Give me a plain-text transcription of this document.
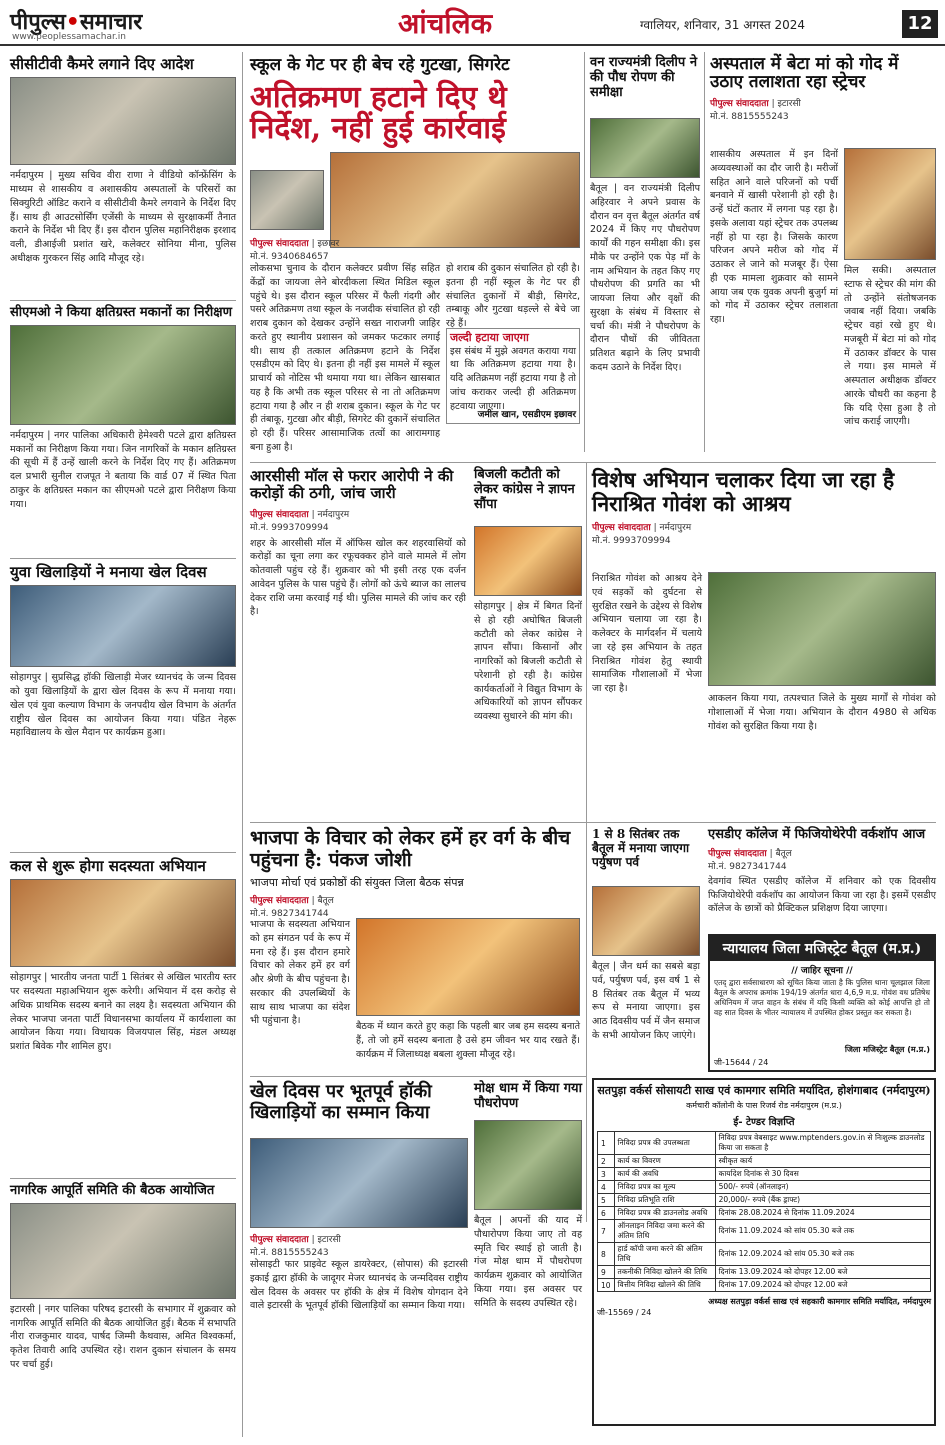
पीपुल्स•समाचार
www.peoplessamachar.in	आंचलिक	ग्वालियर, शनिवार, 31 अगस्त 2024	12
सीसीटीवी कैमरे लगाने दिए आदेश
नर्मदापुरम | मुख्य सचिव वीरा राणा ने वीडियो कॉन्फ्रेंसिंग के माध्यम से शासकीय व अशासकीय अस्पतालों के परिसरों का सिक्युरिटी ऑडिट कराने व सीसीटीवी कैमरे लगवाने के निर्देश दिए हैं। साथ ही आउटसोर्सिंग एजेंसी के माध्यम से सुरक्षाकर्मी तैनात कराने के निर्देश भी दिए हैं। इस दौरान पुलिस महानिरीक्षक इरशाद वली, डीआईजी प्रशांत खरे, कलेक्टर सोनिया मीना, पुलिस अधीक्षक गुरकरन सिंह आदि मौजूद रहे।
सीएमओ ने किया क्षतिग्रस्त मकानों का निरीक्षण
नर्मदापुरम | नगर पालिका अधिकारी हेमेश्वरी पटले द्वारा क्षतिग्रस्त मकानों का निरीक्षण किया गया। जिन नागरिकों के मकान क्षतिग्रस्त की सूची में हैं उन्हें खाली करने के निर्देश दिए गए हैं। अतिक्रमण दल प्रभारी सुनील राजपूत ने बताया कि वार्ड 07 में स्थित पिता ठाकुर के क्षतिग्रस्त मकान का सीएमओ पटले द्वारा निरीक्षण किया गया।
युवा खिलाड़ियों ने मनाया खेल दिवस
सोहागपुर | सुप्रसिद्ध हॉकी खिलाड़ी मेजर ध्यानचंद के जन्म दिवस को युवा खिलाड़ियों के द्वारा खेल दिवस के रूप में मनाया गया। खेल एवं युवा कल्याण विभाग के जनपदीय खेल विभाग के अंतर्गत राष्ट्रीय खेल दिवस का आयोजन किया गया। पंडित नेहरू महाविद्यालय के खेल मैदान पर कार्यक्रम हुआ।
कल से शुरू होगा सदस्यता अभियान
सोहागपुर | भारतीय जनता पार्टी 1 सितंबर से अखिल भारतीय स्तर पर सदस्यता महाअभियान शुरू करेगी। अभियान में दस करोड़ से अधिक प्राथमिक सदस्य बनाने का लक्ष्य है। सदस्यता अभियान की लेकर भाजपा जनता पार्टी विधानसभा कार्यालय में कार्यशाला का आयोजन किया गया। विधायक विजयपाल सिंह, मंडल अध्यक्ष प्रशांत बिवेक गौर शामिल हुए।
नागरिक आपूर्ति समिति की बैठक आयोजित
इटारसी | नगर पालिका परिषद इटारसी के सभागार में शुक्रवार को नागरिक आपूर्ति समिति की बैठक आयोजित हुई। बैठक में सभापति नीरा राजकुमार यादव, पार्षद जिम्मी कैथवास, अमित विश्वकर्मा, कृतेश तिवारी आदि उपस्थित रहे। राशन दुकान संचालन के समय पर चर्चा हुई।
स्कूल के गेट पर ही बेच रहे गुटखा, सिगरेट
अतिक्रमण हटाने दिए थे निर्देश, नहीं हुई कार्रवाई
पीपुल्स संवाददाता | इछावर
मो.नं. 9340684657
लोकसभा चुनाव के दौरान कलेक्टर प्रवीण सिंह सहित केंद्रों का जायजा लेने बोरदीकला स्थित मिडिल स्कूल पहुंचे थे। इस दौरान स्कूल परिसर में फैली गंदगी और पसरे अतिक्रमण तथा स्कूल के नजदीक संचालित हो रही शराब दुकान को देखकर उन्होंने सख्त नाराजगी जाहिर करते हुए स्थानीय प्रशासन को जमकर फटकार लगाई थी। साथ ही तत्काल अतिक्रमण हटाने के निर्देश एसडीएम को दिए थे। इतना ही नहीं इस मामले में स्कूल प्राचार्य को नोटिस भी थमाया गया था। लेकिन खासबात यह है कि अभी तक स्कूल परिसर से ना तो अतिक्रमण हटाया गया है और न ही शराब दुकान। स्कूल के गेट पर ही तंबाकू, गुटखा और बीड़ी, सिगरेट की दुकानें संचालित हो रही हैं। परिसर आसामाजिक तत्वों का आरामगाह बना हुआ है।
हो शराब की दुकान संचालित हो रही है। इतना ही नहीं स्कूल के गेट पर ही संचालित दुकानों में बीड़ी, सिगरेट, तम्बाकू और गुटखा धड़ल्ले से बेचे जा रहे हैं।
जल्दी हटाया जाएगा
इस संबंध में मुझे अवगत कराया गया था कि अतिक्रमण हटाया गया है। यदि अतिक्रमण नहीं हटाया गया है तो जांच कराकर जल्दी ही अतिक्रमण हटवाया जाएगा।
जमील खान, एसडीएम इछावर
वन राज्यमंत्री दिलीप ने की पौध रोपण की समीक्षा
बैतूल | वन राज्यमंत्री दिलीप अहिरवार ने अपने प्रवास के दौरान वन वृत्त बैतूल अंतर्गत वर्ष 2024 में किए गए पौधरोपण कार्यों की गहन समीक्षा की। इस मौके पर उन्होंने एक पेड़ माँ के नाम अभियान के तहत किए गए पौधरोपण की प्रगति का भी जायजा लिया और वृक्षों की सुरक्षा के संबंध में विस्तार से चर्चा की। मंत्री ने पौधरोपण के दौरान पौधों की जीवितता प्रतिशत बढ़ाने के लिए प्रभावी कदम उठाने के निर्देश दिए।
अस्पताल में बेटा मां को गोद में उठाए तलाशता रहा स्ट्रेचर
पीपुल्स संवाददाता | इटारसी
मो.नं. 8815555243
शासकीय अस्पताल में इन दिनों अव्यवस्थाओं का दौर जारी है। मरीजों सहित आने वाले परिजनों को पर्ची बनवाने में खासी परेशानी हो रही है। उन्हें घंटों कतार में लगना पड़ रहा है। इसके अलावा यहां स्ट्रेचर तक उपलब्ध नहीं हो पा रहा है। जिसके कारण परिजन अपने मरीज को गोद में उठाकर ले जाने को मजबूर हैं। ऐसा ही एक मामला शुक्रवार को सामने आया जब एक युवक अपनी बुजुर्ग मां को गोद में उठाकर स्ट्रेचर तलाशता रहा।
मिल सकी। अस्पताल स्टाफ से स्ट्रेचर की मांग की तो उन्होंने संतोषजनक जवाब नहीं दिया। जबकि स्ट्रेचर वहां रखे हुए थे। मजबूरी में बेटा मां को गोद में उठाकर डॉक्टर के पास ले गया। इस मामले में अस्पताल अधीक्षक डॉक्टर आरके चौधरी का कहना है कि यदि ऐसा हुआ है तो जांच कराई जाएगी।
आरसीसी मॉल से फरार आरोपी ने की करोड़ों की ठगी, जांच जारी
पीपुल्स संवाददाता | नर्मदापुरम
मो.नं. 9993709994
शहर के आरसीसी मॉल में ऑफिस खोल कर शहरवासियों को करोड़ों का चूना लगा कर रफूचक्कर होने वाले मामले में लोग कोतवाली पहुंच रहे हैं। शुक्रवार को भी इसी तरह एक दर्जन आवेदन पुलिस के पास पहुंचे हैं। लोगों को ऊंचे ब्याज का लालच देकर राशि जमा करवाई गई थी। पुलिस मामले की जांच कर रही है।
बिजली कटौती को लेकर कांग्रेस ने ज्ञापन सौंपा
सोहागपुर | क्षेत्र में बिगत दिनों से हो रही अघोषित बिजली कटौती को लेकर कांग्रेस ने ज्ञापन सौंपा। किसानों और नागरिकों को बिजली कटौती से परेशानी हो रही है। कांग्रेस कार्यकर्ताओं ने विद्युत विभाग के अधिकारियों को ज्ञापन सौंपकर व्यवस्था सुधारने की मांग की।
विशेष अभियान चलाकर दिया जा रहा है निराश्रित गोवंश को आश्रय
पीपुल्स संवाददाता | नर्मदापुरम
मो.नं. 9993709994
निराश्रित गोवंश को आश्रय देने एवं सड़कों को दुर्घटना से सुरक्षित रखने के उद्देश्य से विशेष अभियान चलाया जा रहा है। कलेक्टर के मार्गदर्शन में चलाये जा रहे इस अभियान के तहत निराश्रित गोवंश हेतु स्थायी सामाजिक गौशालाओं में भेजा जा रहा है।
आकलन किया गया, तत्पश्चात जिले के मुख्य मार्गों से गोवंश को गोशालाओं में भेजा गया। अभियान के दौरान 4980 से अधिक गोवंश को सुरक्षित किया गया है।
भाजपा के विचार को लेकर हमें हर वर्ग के बीच पहुंचना है: पंकज जोशी
भाजपा मोर्चा एवं प्रकोष्ठों की संयुक्त जिला बैठक संपन्न
पीपुल्स संवाददाता | बैतूल
मो.नं. 9827341744
भाजपा के सदस्यता अभियान को हम संगठन पर्व के रूप में मना रहे हैं। इस दौरान हमारे विचार को लेकर हमें हर वर्ग और श्रेणी के बीच पहुंचना है। सरकार की उपलब्धियों के साथ साथ भाजपा का संदेश भी पहुंचाना है।
बैठक में ध्यान करते हुए कहा कि पहली बार जब हम सदस्य बनाते हैं, तो जो हमें सदस्य बनाता है उसे हम जीवन भर याद रखते हैं। कार्यक्रम में जिलाध्यक्ष बबला शुक्ला मौजूद रहे।
1 से 8 सितंबर तक बैतूल में मनाया जाएगा पर्युषण पर्व
बैतूल | जैन धर्म का सबसे बड़ा पर्व, पर्युषण पर्व, इस वर्ष 1 से 8 सितंबर तक बैतूल में भव्य रूप से मनाया जाएगा। इस आठ दिवसीय पर्व में जैन समाज के सभी आयोजन किए जाएंगे।
एसडीए कॉलेज में फिजियोथेरेपी वर्कशॉप आज
पीपुल्स संवाददाता | बैतूल
मो.नं. 9827341744
देवगांव स्थित एसडीए कॉलेज में शनिवार को एक दिवसीय फिजियोथेरेपी वर्कशॉप का आयोजन किया जा रहा है। इसमें एसडीए कॉलेज के छात्रों को प्रैक्टिकल प्रशिक्षण दिया जाएगा।
न्यायालय जिला मजिस्ट्रेट बैतूल (म.प्र.)
// जाहिर सूचना //
एतद् द्वारा सर्वसाधारण को सूचित किया जाता है कि पुलिस थाना चूलझाल जिला बैतूल के अपराध क्रमांक 194/19 अंतर्गत धारा 4,6,9 म.प्र. गोवंश वध प्रतिषेध अधिनियम में जप्त वाहन के संबंध में यदि किसी व्यक्ति को कोई आपत्ति हो तो वह सात दिवस के भीतर न्यायालय में उपस्थित होकर प्रस्तुत कर सकता है।
जिला मजिस्ट्रेट बैतूल (म.प्र.)
जी-15644 / 24
खेल दिवस पर भूतपूर्व हॉकी खिलाड़ियों का सम्मान किया
पीपुल्स संवाददाता | इटारसी
मो.नं. 8815555243
सोसाइटी फार प्राइवेट स्कूल डायरेक्टर, (सोपास) की इटारसी इकाई द्वारा हॉकी के जादूगर मेजर ध्यानचंद के जन्मदिवस राष्ट्रीय खेल दिवस के अवसर पर हॉकी के क्षेत्र में विशेष योगदान देने वाले इटारसी के भूतपूर्व हॉकी खिलाड़ियों का सम्मान किया गया।
मोक्ष धाम में किया गया पौधरोपण
बैतूल | अपनों की याद में पौधारोपण किया जाए तो वह स्मृति चिर स्थाई हो जाती है। गंज मोक्ष धाम में पौधरोपण कार्यक्रम शुक्रवार को आयोजित किया गया। इस अवसर पर समिति के सदस्य उपस्थित रहे।
सतपुड़ा वर्कर्स सोसायटी साख एवं कामगार समिति मर्यादित, होशंगाबाद (नर्मदापुरम)
कर्मचारी कॉलोनी के पास रिजर्व रोड नर्मदापुरम (म.प्र.)
ई- टेण्डर विज्ञप्ति
1	निविदा प्रपत्र की उपलब्धता	निविदा प्रपत्र वेबसाइट www.mptenders.gov.in से निःशुल्क डाउनलोड किया जा सकता है
2	कार्य का विवरण	स्वीकृत कार्य
3	कार्य की अवधि	कार्यादेश दिनांक से 30 दिवस
4	निविदा प्रपत्र का मूल्य	500/- रुपये (ऑनलाइन)
5	निविदा प्रतिभूति राशि	20,000/- रुपये (बैंक ड्राफ्ट)
6	निविदा प्रपत्र की डाउनलोड अवधि	दिनांक 28.08.2024 से दिनांक 11.09.2024
7	ऑनलाइन निविदा जमा करने की अंतिम तिथि	दिनांक 11.09.2024 को सांय 05.30 बजे तक
8	हार्ड कॉपी जमा करने की अंतिम तिथि	दिनांक 12.09.2024 को सांय 05.30 बजे तक
9	तकनीकी निविदा खोलने की तिथि	दिनांक 13.09.2024 को दोपहर 12.00 बजे
10	वित्तीय निविदा खोलने की तिथि	दिनांक 17.09.2024 को दोपहर 12.00 बजे
अध्यक्ष सतपुड़ा वर्कर्स साख एवं सहकारी कामगार समिति मर्यादित, नर्मदापुरम
जी-15569 / 24
